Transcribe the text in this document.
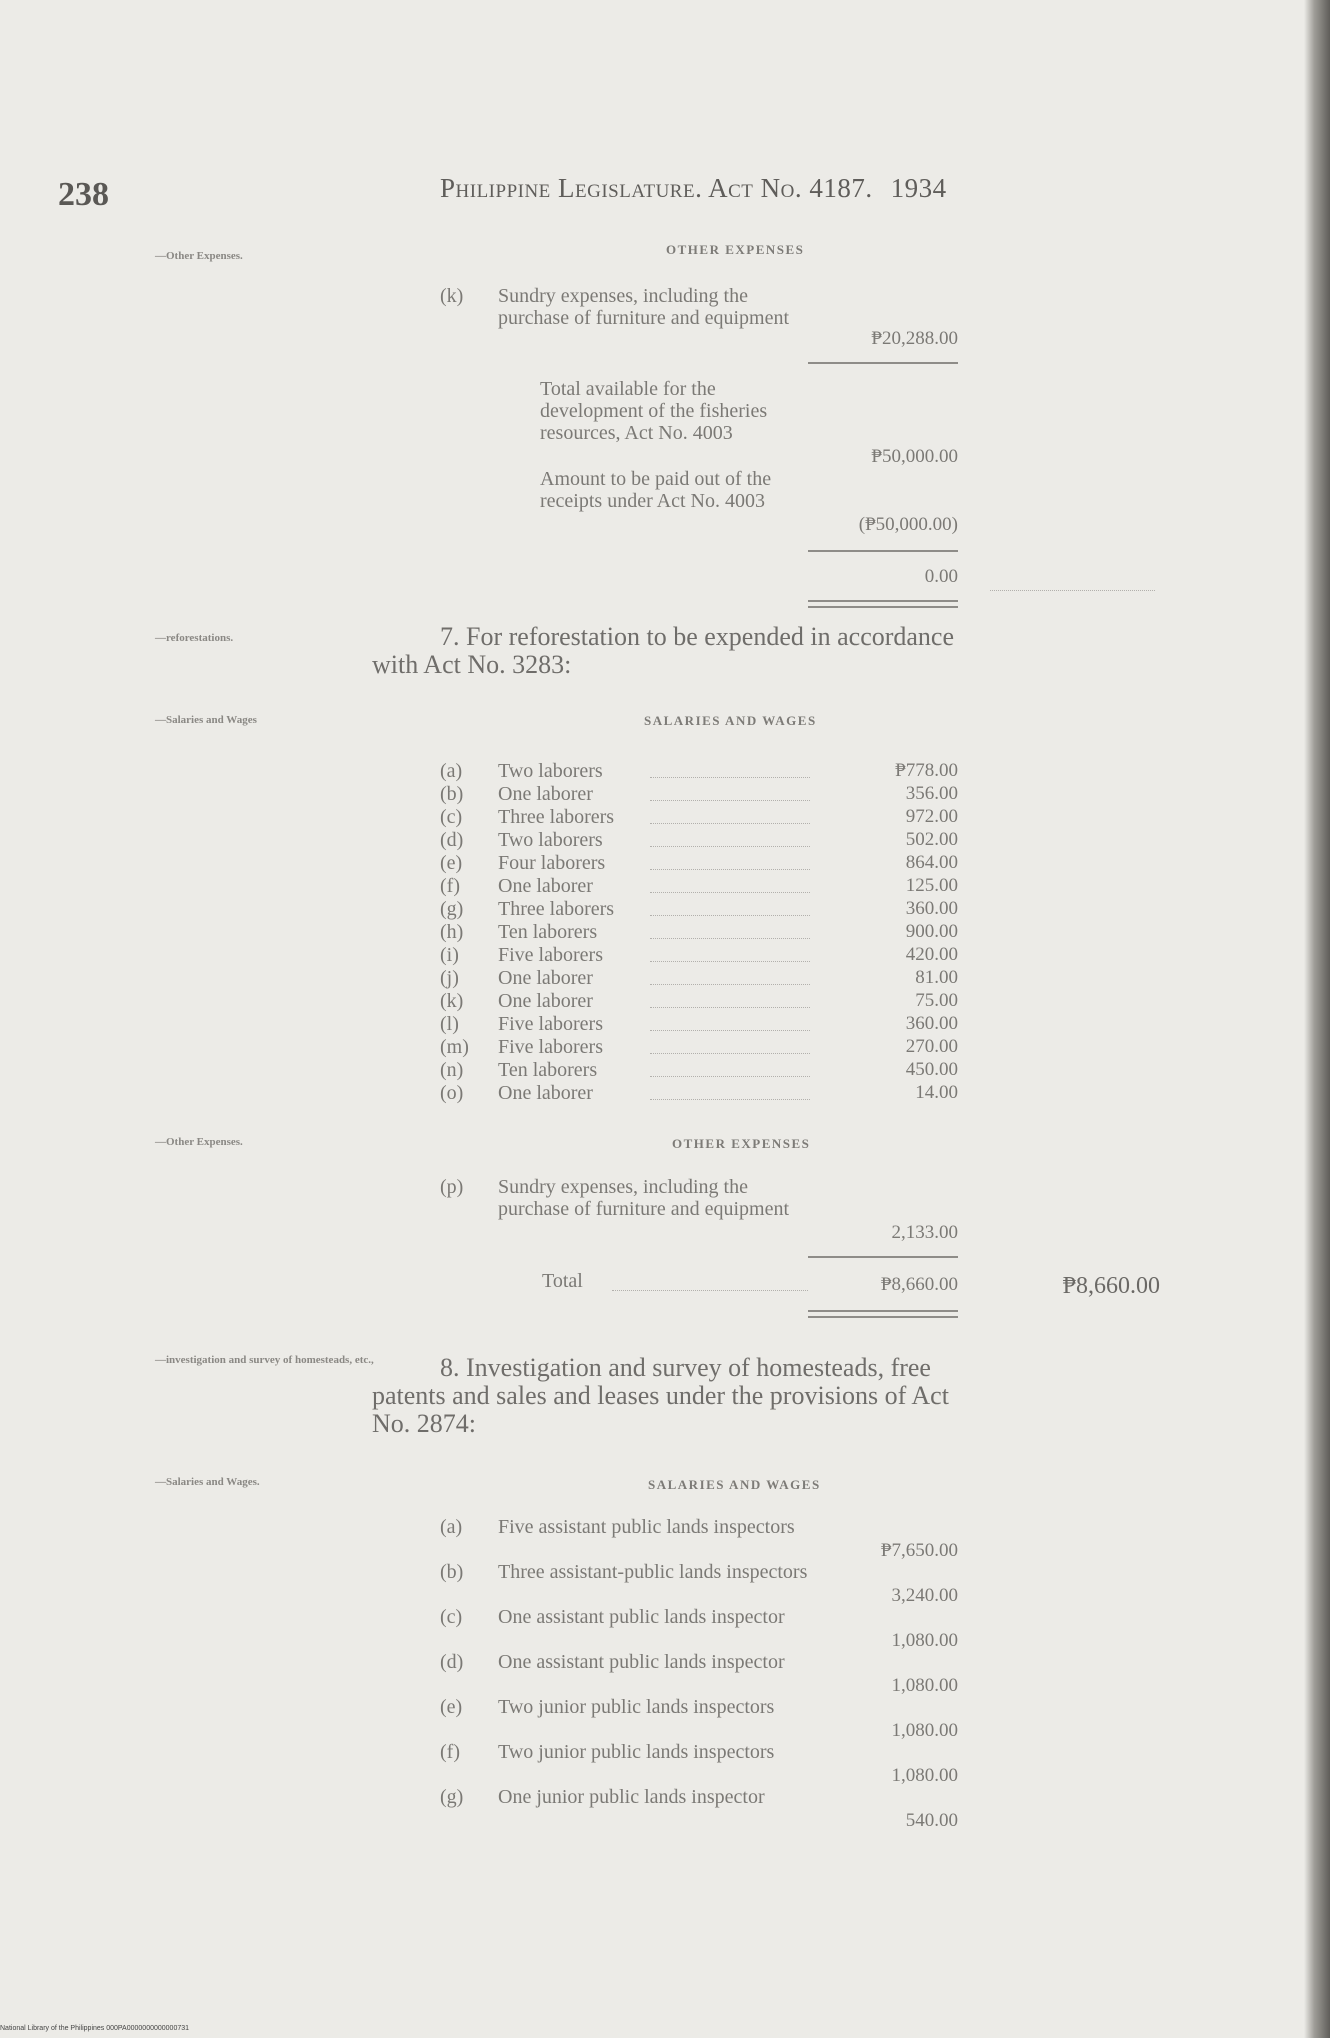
238	Philippine Legislature. Act No. 4187. 1934
—Other Expenses.	OTHER EXPENSES
(k) Sundry expenses, including the purchase of furniture and equipment
₱20,288.00
Total available for the development of the fisheries resources, Act No. 4003
₱50,000.00
Amount to be paid out of the receipts under Act No. 4003
(₱50,000.00)
0.00
—reforestations.	7. For reforestation to be expended in accordance with Act No. 3283:
—Salaries and Wages	SALARIES AND WAGES
(a) Two laborers	₱778.00
(b) One laborer	356.00
(c) Three laborers	972.00
(d) Two laborers	502.00
(e) Four laborers	864.00
(f) One laborer	125.00
(g) Three laborers	360.00
(h) Ten laborers	900.00
(i) Five laborers	420.00
(j) One laborer	81.00
(k) One laborer	75.00
(l) Five laborers	360.00
(m) Five laborers	270.00
(n) Ten laborers	450.00
(o) One laborer	14.00
—Other Expenses.	OTHER EXPENSES
(p) Sundry expenses, including the purchase of furniture and equipment
2,133.00
Total	₱8,660.00	₱8,660.00
—investigation and survey of homesteads, etc.,	8. Investigation and survey of homesteads, free patents and sales and leases under the provisions of Act No. 2874:
—Salaries and Wages.	SALARIES AND WAGES
(a) Five assistant public lands inspectors
₱7,650.00
(b) Three assistant-public lands inspectors
3,240.00
(c) One assistant public lands inspector
1,080.00
(d) One assistant public lands inspector
1,080.00
(e) Two junior public lands inspectors
1,080.00
(f) Two junior public lands inspectors
1,080.00
(g) One junior public lands inspector
540.00
National Library of the Philippines 000PA0000000000000731
